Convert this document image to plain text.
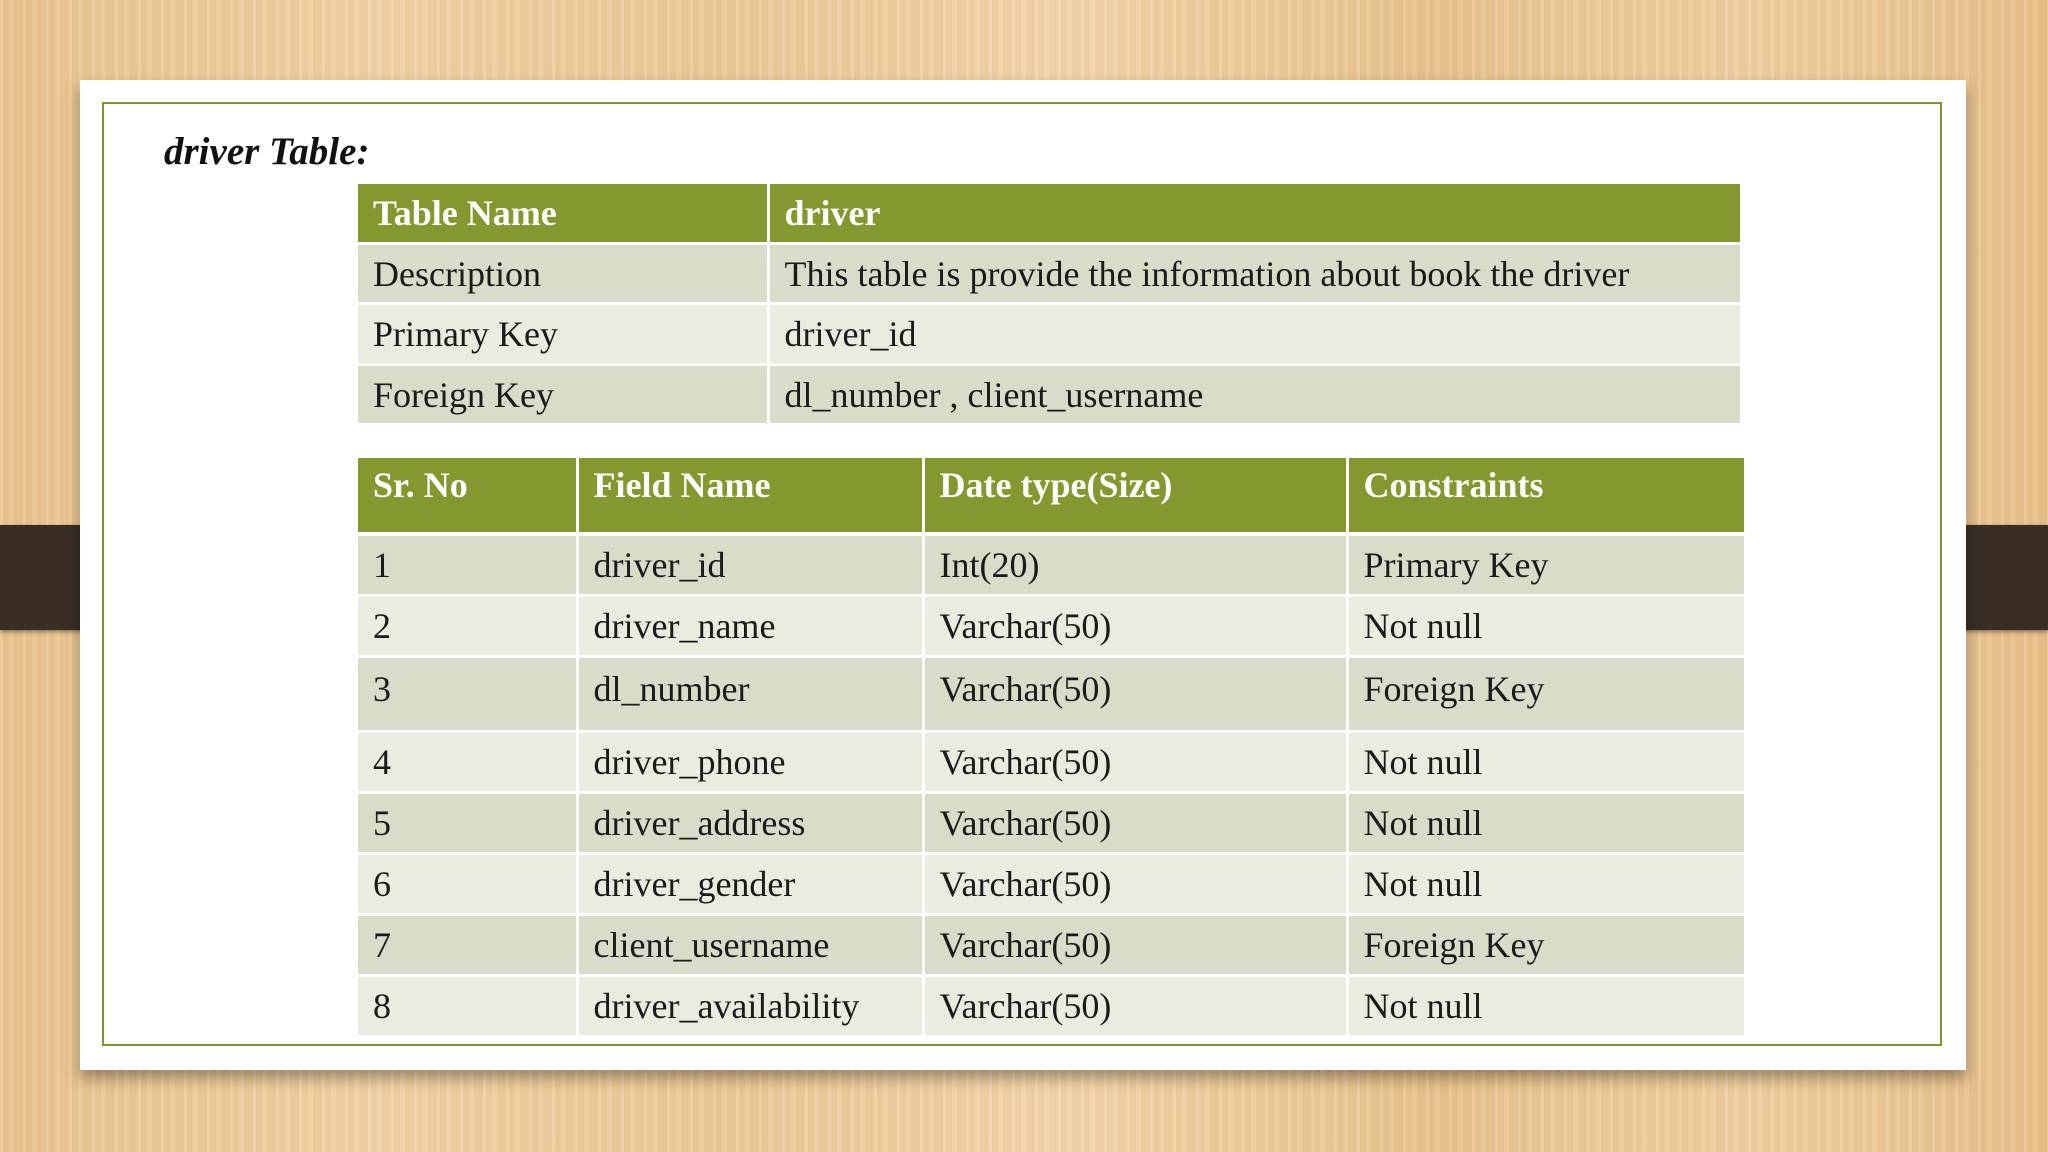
driver Table:
Table Name	driver
Description	This table is provide the information about book the driver
Primary Key	driver_id
Foreign Key	dl_number , client_username
Sr. No	Field Name	Date type(Size)	Constraints
1	driver_id	Int(20)	Primary Key
2	driver_name	Varchar(50)	Not null
3	dl_number	Varchar(50)	Foreign Key
4	driver_phone	Varchar(50)	Not null
5	driver_address	Varchar(50)	Not null
6	driver_gender	Varchar(50)	Not null
7	client_username	Varchar(50)	Foreign Key
8	driver_availability	Varchar(50)	Not null
